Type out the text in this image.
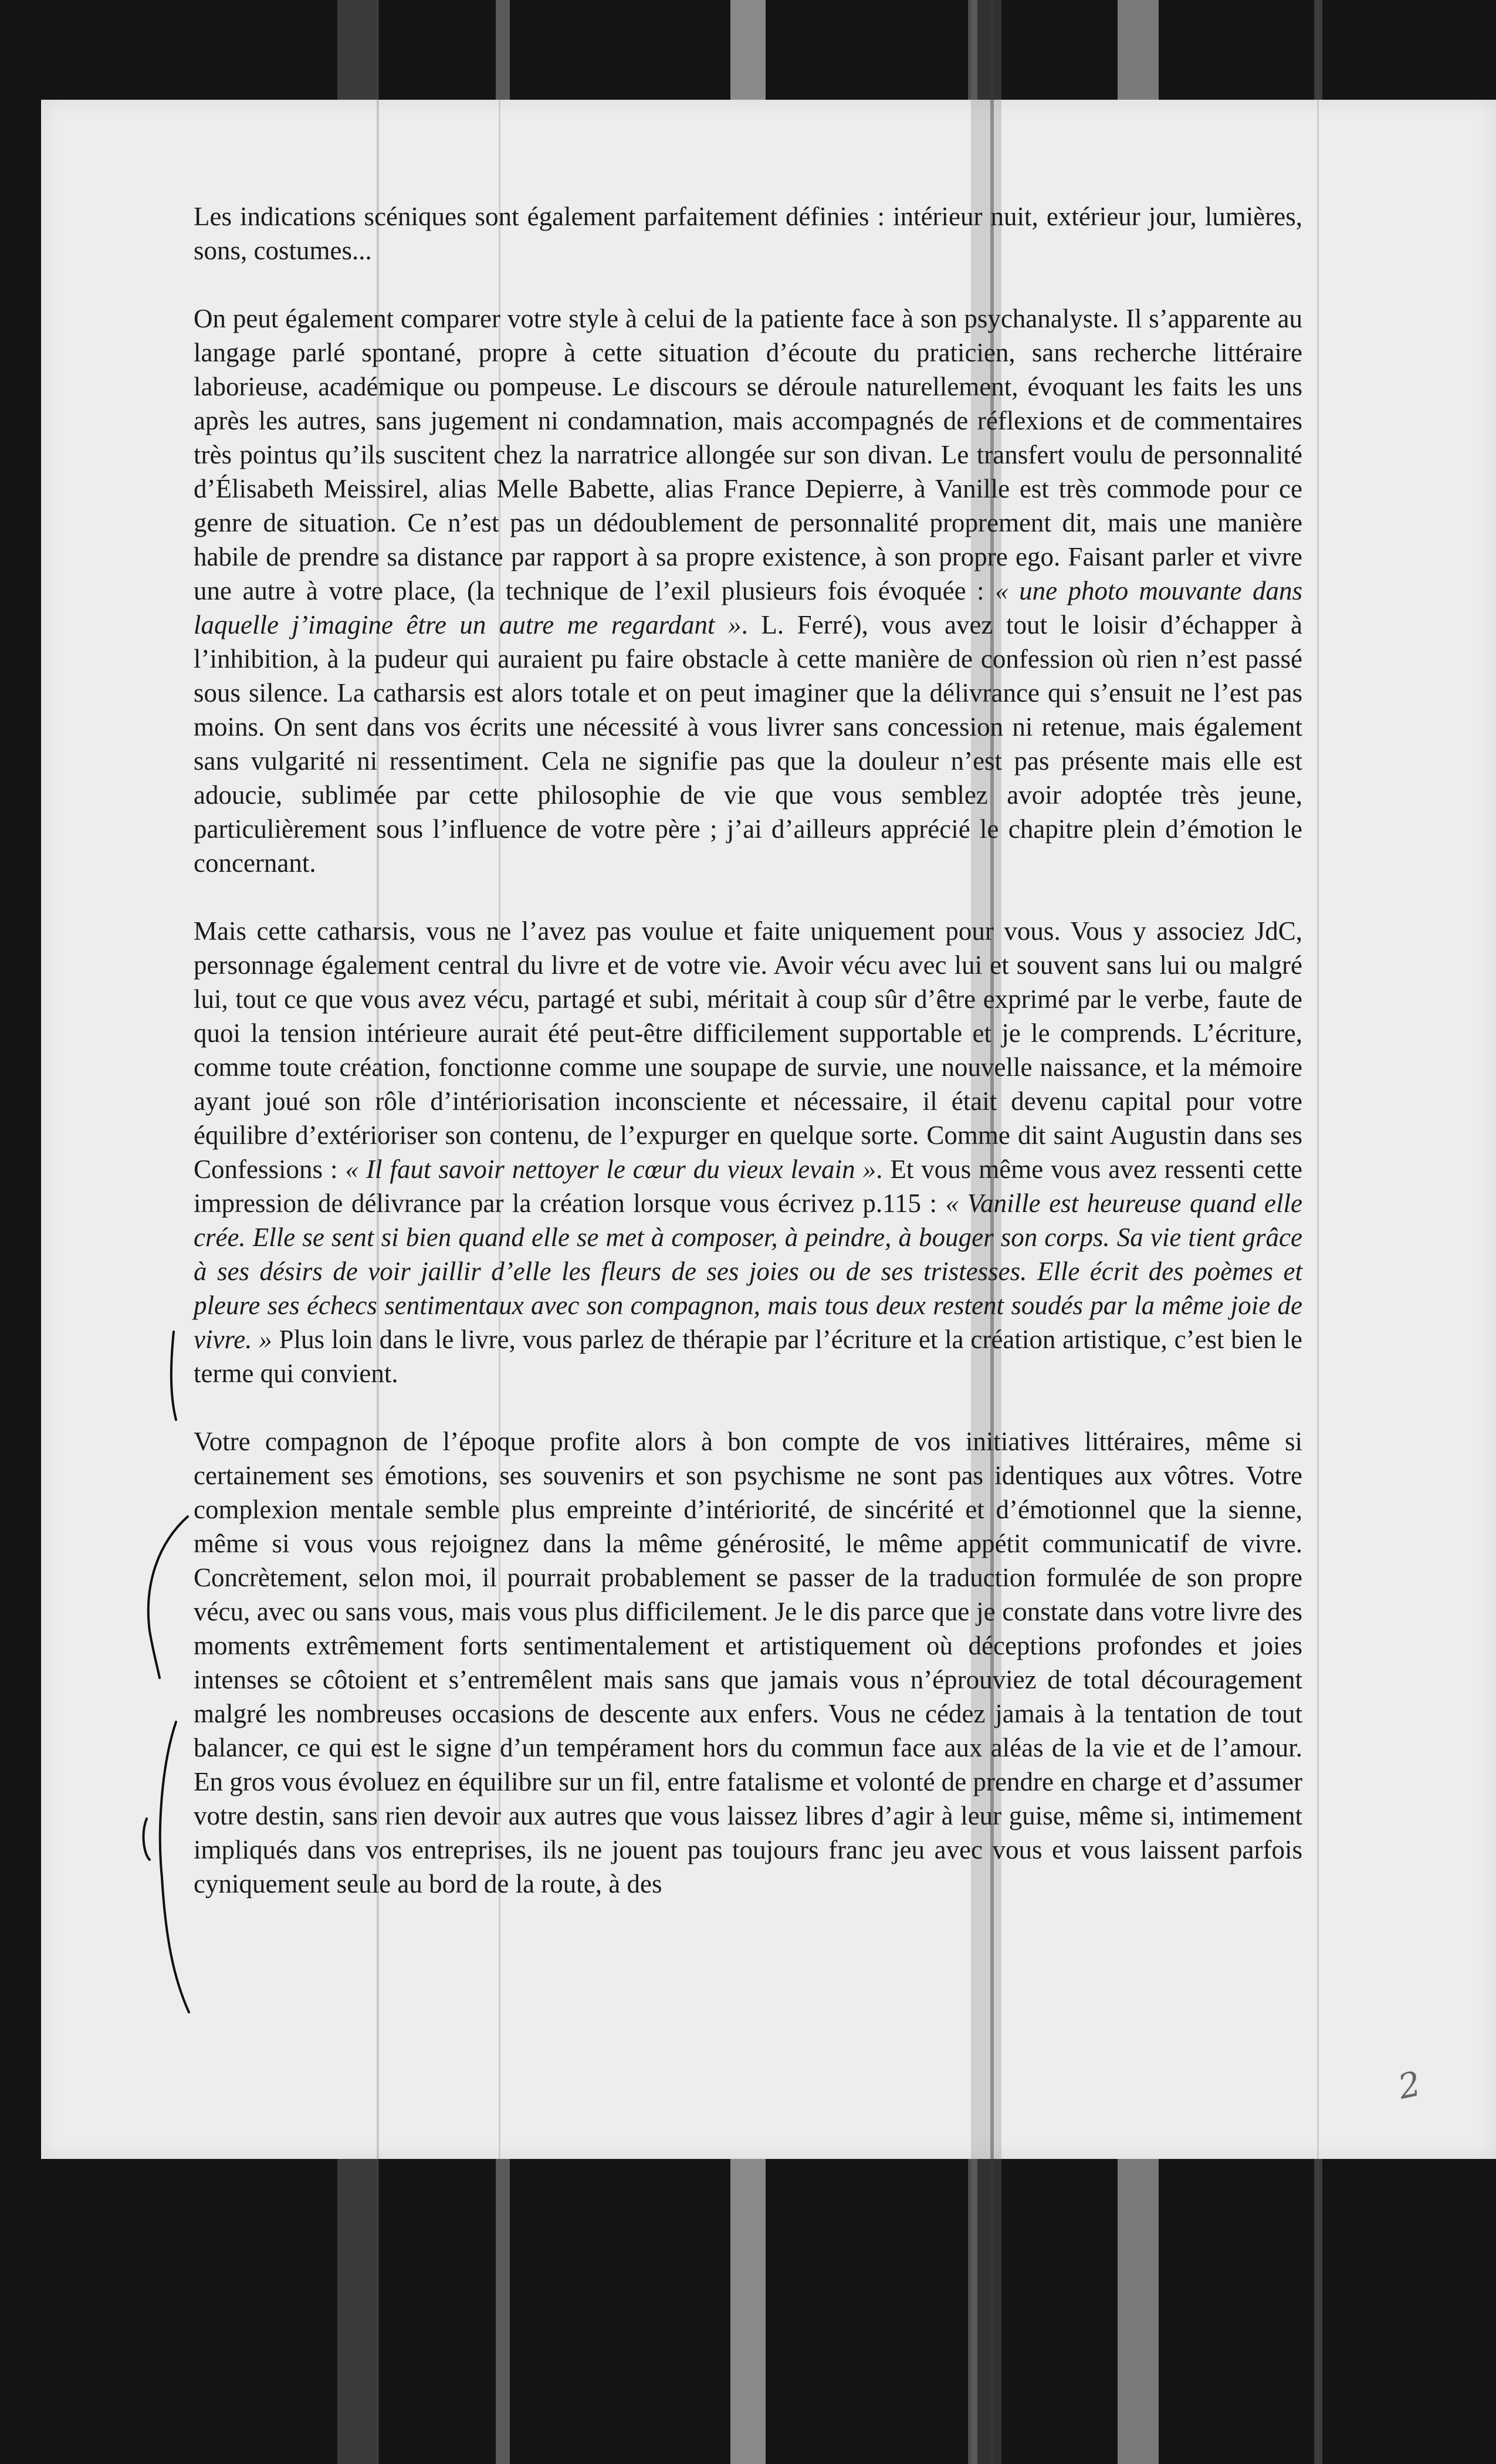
Les indications scéniques sont également parfaitement définies : intérieur nuit, extérieur jour, lumières, sons, costumes...

On peut également comparer votre style à celui de la patiente face à son psychanalyste. Il s’apparente au langage parlé spontané, propre à cette situation d’écoute du praticien, sans recherche littéraire laborieuse, académique ou pompeuse. Le discours se déroule naturellement, évoquant les faits les uns après les autres, sans jugement ni condamnation, mais accompagnés de réflexions et de commentaires très pointus qu’ils suscitent chez la narratrice allongée sur son divan. Le transfert voulu de personnalité d’Élisabeth Meissirel, alias Melle Babette, alias France Depierre, à Vanille est très commode pour ce genre de situation. Ce n’est pas un dédoublement de personnalité proprement dit, mais une manière habile de prendre sa distance par rapport à sa propre existence, à son propre ego. Faisant parler et vivre une autre à votre place, (la technique de l’exil plusieurs fois évoquée : « une photo mouvante dans laquelle j’imagine être un autre me regardant ». L. Ferré), vous avez tout le loisir d’échapper à l’inhibition, à la pudeur qui auraient pu faire obstacle à cette manière de confession où rien n’est passé sous silence. La catharsis est alors totale et on peut imaginer que la délivrance qui s’ensuit ne l’est pas moins. On sent dans vos écrits une nécessité à vous livrer sans concession ni retenue, mais également sans vulgarité ni ressentiment. Cela ne signifie pas que la douleur n’est pas présente mais elle est adoucie, sublimée par cette philosophie de vie que vous semblez avoir adoptée très jeune, particulièrement sous l’influence de votre père ; j’ai d’ailleurs apprécié le chapitre plein d’émotion le concernant.

Mais cette catharsis, vous ne l’avez pas voulue et faite uniquement pour vous. Vous y associez JdC, personnage également central du livre et de votre vie. Avoir vécu avec lui et souvent sans lui ou malgré lui, tout ce que vous avez vécu, partagé et subi, méritait à coup sûr d’être exprimé par le verbe, faute de quoi la tension intérieure aurait été peut-être difficilement supportable et je le comprends. L’écriture, comme toute création, fonctionne comme une soupape de survie, une nouvelle naissance, et la mémoire ayant joué son rôle d’intériorisation inconsciente et nécessaire, il était devenu capital pour votre équilibre d’extérioriser son contenu, de l’expurger en quelque sorte. Comme dit saint Augustin dans ses Confessions : « Il faut savoir nettoyer le cœur du vieux levain ». Et vous même vous avez ressenti cette impression de délivrance par la création lorsque vous écrivez p.115 : « Vanille est heureuse quand elle crée. Elle se sent si bien quand elle se met à composer, à peindre, à bouger son corps. Sa vie tient grâce à ses désirs de voir jaillir d’elle les fleurs de ses joies ou de ses tristesses. Elle écrit des poèmes et pleure ses échecs sentimentaux avec son compagnon, mais tous deux restent soudés par la même joie de vivre. » Plus loin dans le livre, vous parlez de thérapie par l’écriture et la création artistique, c’est bien le terme qui convient.

Votre compagnon de l’époque profite alors à bon compte de vos initiatives littéraires, même si certainement ses émotions, ses souvenirs et son psychisme ne sont pas identiques aux vôtres. Votre complexion mentale semble plus empreinte d’intériorité, de sincérité et d’émotionnel que la sienne, même si vous vous rejoignez dans la même générosité, le même appétit communicatif de vivre. Concrètement, selon moi, il pourrait probablement se passer de la traduction formulée de son propre vécu, avec ou sans vous, mais vous plus difficilement. Je le dis parce que je constate dans votre livre des moments extrêmement forts sentimentalement et artistiquement où déceptions profondes et joies intenses se côtoient et s’entremêlent mais sans que jamais vous n’éprouviez de total découragement malgré les nombreuses occasions de descente aux enfers. Vous ne cédez jamais à la tentation de tout balancer, ce qui est le signe d’un tempérament hors du commun face aux aléas de la vie et de l’amour. En gros vous évoluez en équilibre sur un fil, entre fatalisme et volonté de prendre en charge et d’assumer votre destin, sans rien devoir aux autres que vous laissez libres d’agir à leur guise, même si, intimement impliqués dans vos entreprises, ils ne jouent pas toujours franc jeu avec vous et vous laissent parfois cyniquement seule au bord de la route, à des

2
